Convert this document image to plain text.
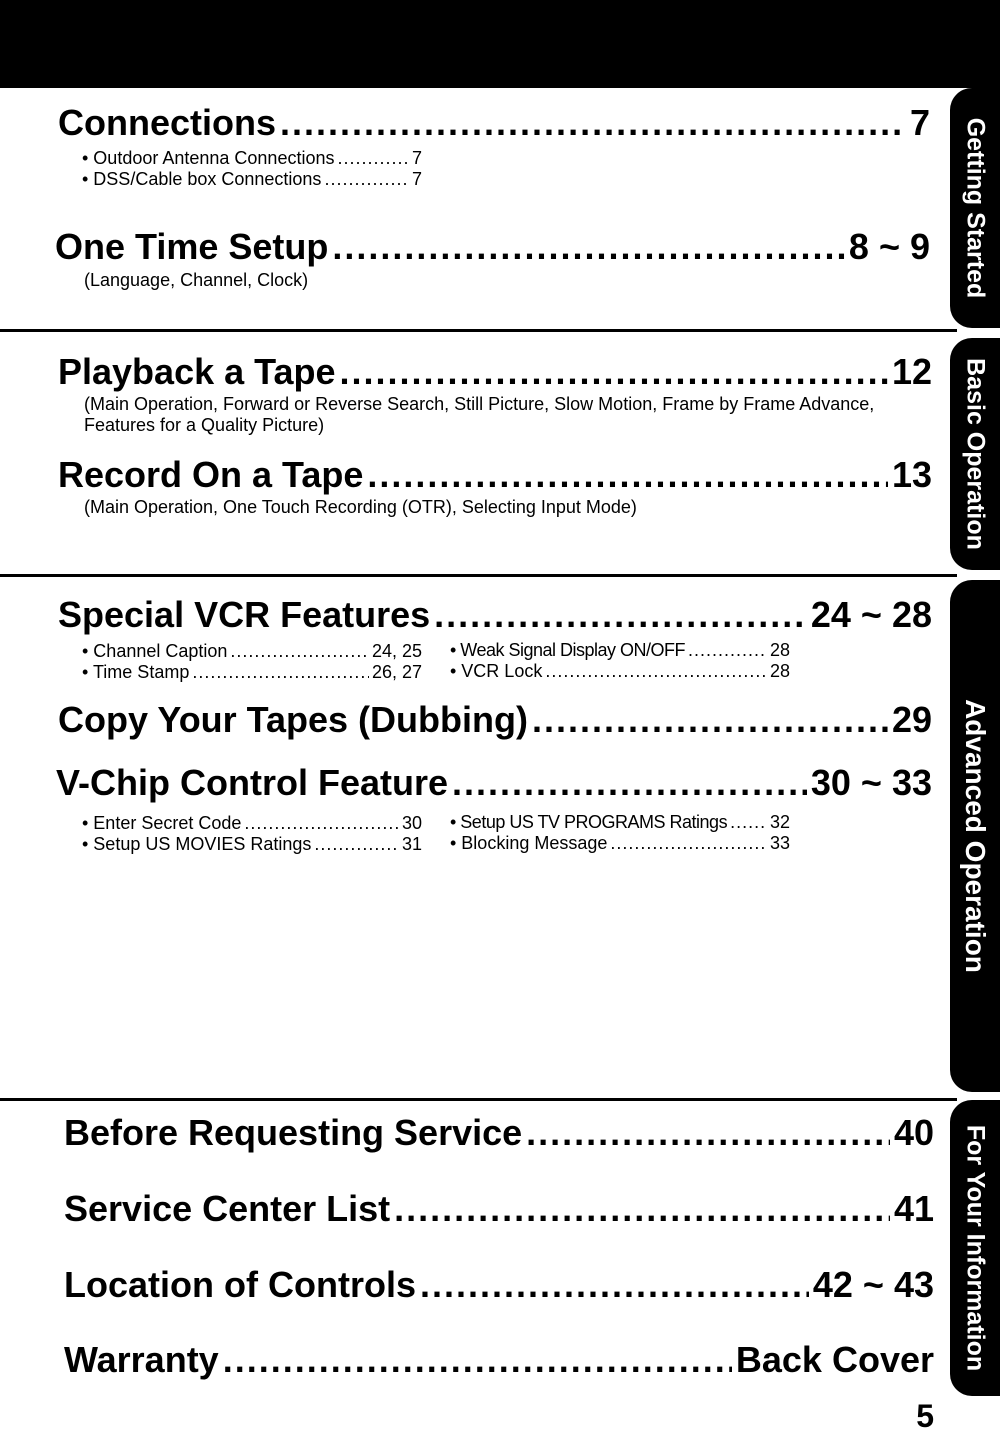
Getting Started
Basic Operation
Advanced Operation
For Your Information
Connections .....	7
• Outdoor Antenna Connections .....	7
• DSS/Cable box Connections .....	7
One Time Setup .....	8 ~ 9
(Language, Channel, Clock)
Playback a Tape .....	12
(Main Operation, Forward or Reverse Search, Still Picture, Slow Motion, Frame by Frame Advance, Features for a Quality Picture)
Record On a Tape .....	13
(Main Operation, One Touch Recording (OTR), Selecting Input Mode)
Special VCR Features .....	24 ~ 28
• Channel Caption .....	24, 25
• Time Stamp .....	26, 27
• Weak Signal Display ON/OFF .....	28
• VCR Lock .....	28
Copy Your Tapes (Dubbing) .....	29
V-Chip Control Feature .....	30 ~ 33
• Enter Secret Code .....	30
• Setup US MOVIES Ratings .....	31
• Setup US TV PROGRAMS Ratings ..... 32
• Blocking Message .....	33
Before Requesting Service .....	40
Service Center List .....	41
Location of Controls .....	42 ~ 43
Warranty .....	Back Cover
5
